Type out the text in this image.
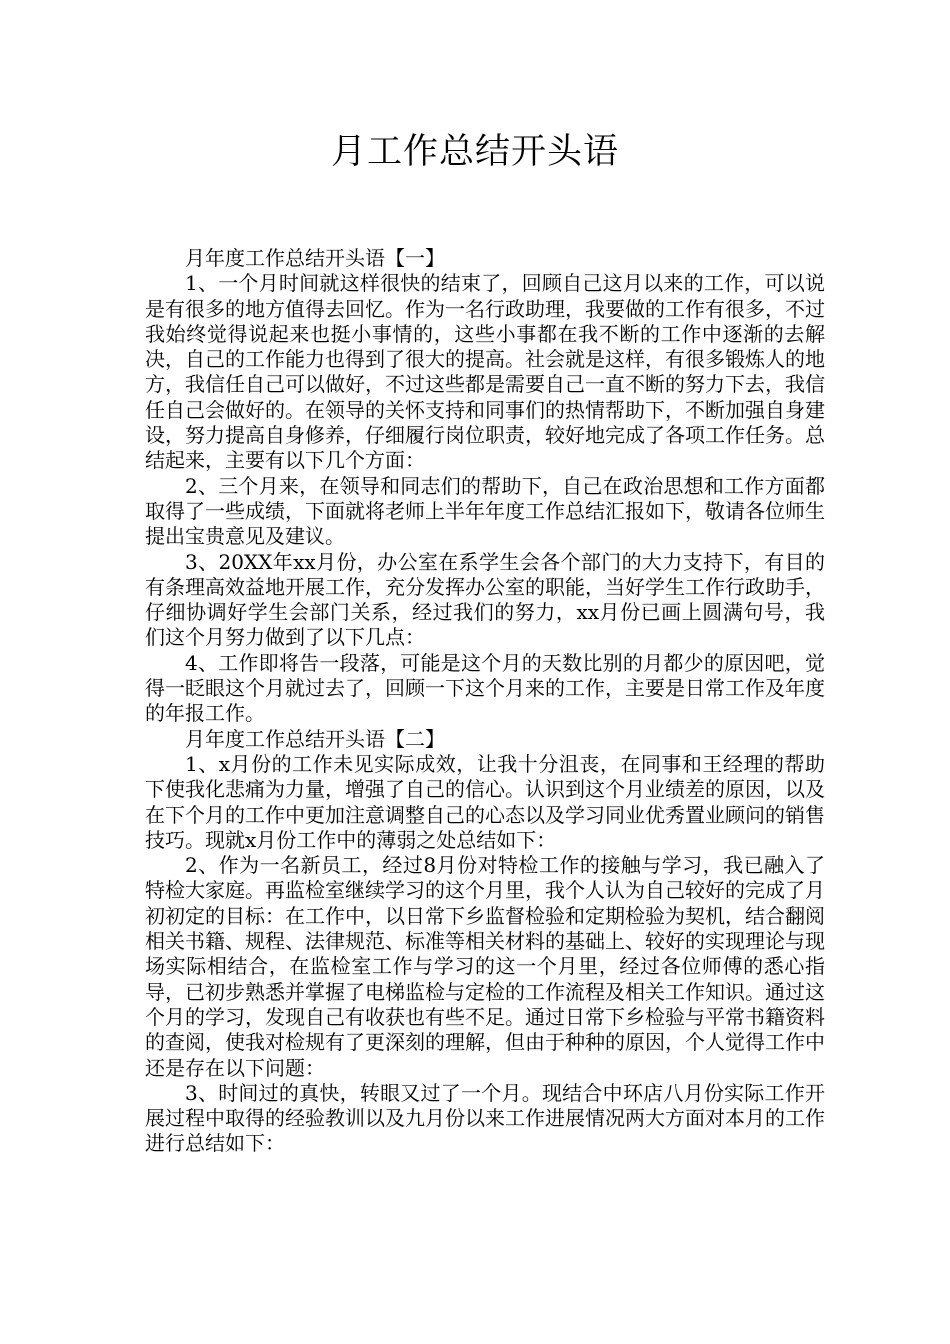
月工作总结开头语

月年度工作总结开头语【一】

1、一个月时间就这样很快的结束了，回顾自己这月以来的工作，可以说是有很多的地方值得去回忆。作为一名行政助理，我要做的工作有很多，不过我始终觉得说起来也挺小事情的，这些小事都在我不断的工作中逐渐的去解决，自己的工作能力也得到了很大的提高。社会就是这样，有很多锻炼人的地方，我信任自己可以做好，不过这些都是需要自己一直不断的努力下去，我信任自己会做好的。在领导的关怀支持和同事们的热情帮助下，不断加强自身建设，努力提高自身修养，仔细履行岗位职责，较好地完成了各项工作任务。总结起来，主要有以下几个方面：

2、三个月来，在领导和同志们的帮助下，自己在政治思想和工作方面都取得了一些成绩，下面就将老师上半年年度工作总结汇报如下，敬请各位师生提出宝贵意见及建议。

3、20XX年xx月份，办公室在系学生会各个部门的大力支持下，有目的有条理高效益地开展工作，充分发挥办公室的职能，当好学生工作行政助手，仔细协调好学生会部门关系，经过我们的努力，xx月份已画上圆满句号，我们这个月努力做到了以下几点：

4、工作即将告一段落，可能是这个月的天数比别的月都少的原因吧，觉得一眨眼这个月就过去了，回顾一下这个月来的工作，主要是日常工作及年度的年报工作。

月年度工作总结开头语【二】

1、x月份的工作未见实际成效，让我十分沮丧，在同事和王经理的帮助下使我化悲痛为力量，增强了自己的信心。认识到这个月业绩差的原因，以及在下个月的工作中更加注意调整自己的心态以及学习同业优秀置业顾问的销售技巧。现就x月份工作中的薄弱之处总结如下：

2、作为一名新员工，经过8月份对特检工作的接触与学习，我已融入了特检大家庭。再监检室继续学习的这个月里，我个人认为自己较好的完成了月初初定的目标：在工作中，以日常下乡监督检验和定期检验为契机，结合翻阅相关书籍、规程、法律规范、标准等相关材料的基础上、较好的实现理论与现场实际相结合，在监检室工作与学习的这一个月里，经过各位师傅的悉心指导，已初步熟悉并掌握了电梯监检与定检的工作流程及相关工作知识。通过这个月的学习，发现自己有收获也有些不足。通过日常下乡检验与平常书籍资料的查阅，使我对检规有了更深刻的理解，但由于种种的原因，个人觉得工作中还是存在以下问题：

3、时间过的真快，转眼又过了一个月。现结合中环店八月份实际工作开展过程中取得的经验教训以及九月份以来工作进展情况两大方面对本月的工作进行总结如下：
